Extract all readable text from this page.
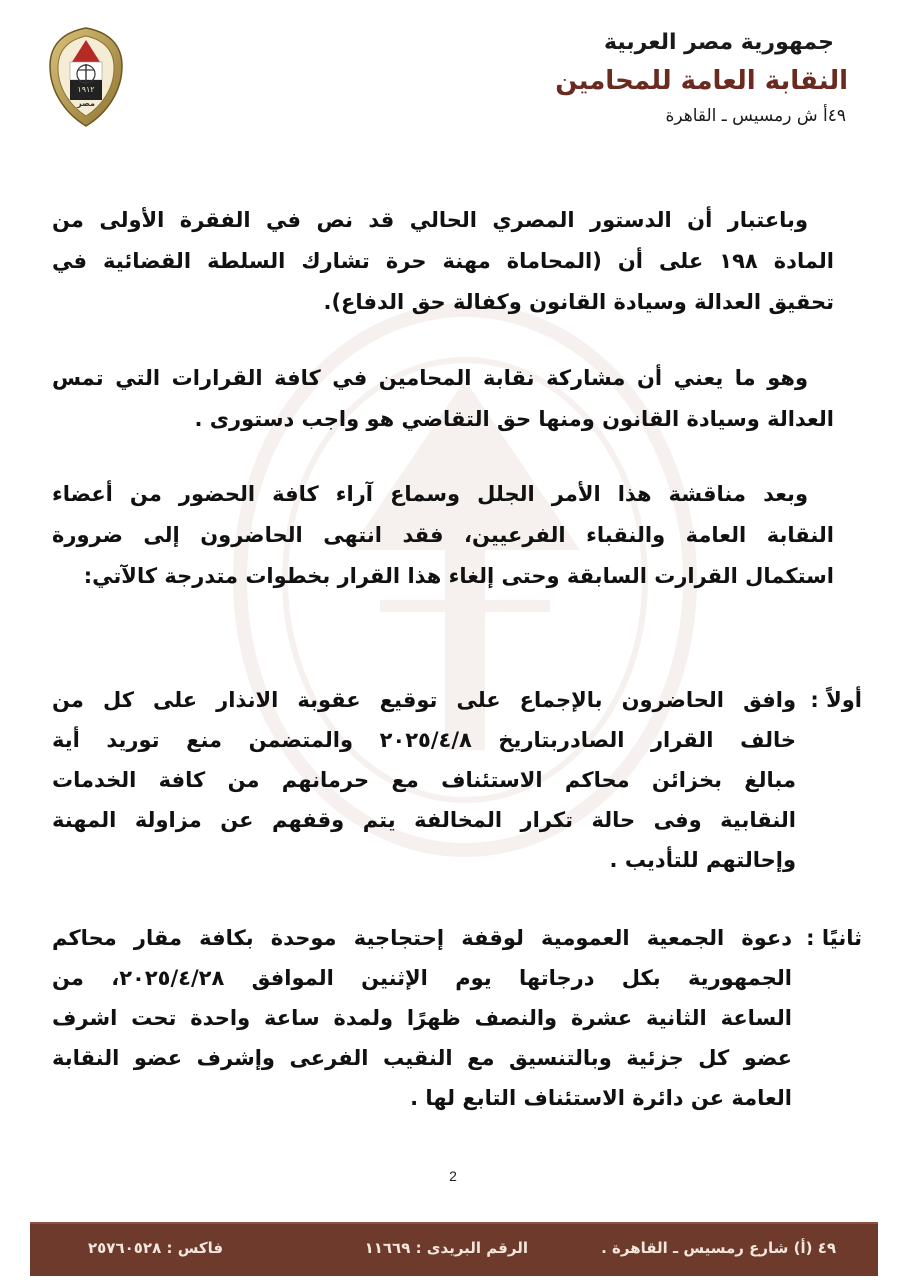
١٩١٢
مصر
جمهورية مصر العربية
النقابة العامة للمحامين
٤٩أ ش رمسيس ـ القاهرة
وباعتبار أن الدستور المصري الحالي قد نص في الفقرة الأولى من
المادة ١٩٨ على أن (المحاماة مهنة حرة تشارك السلطة القضائية في
تحقيق العدالة وسيادة القانون وكفالة حق الدفاع).
وهو ما يعني أن مشاركة نقابة المحامين في كافة القرارات التي تمس
العدالة وسيادة القانون ومنها حق التقاضي هو واجب دستورى .
وبعد مناقشة هذا الأمر الجلل وسماع آراء كافة الحضور من أعضاء
النقابة العامة والنقباء الفرعيين، فقد انتهى الحاضرون إلى ضرورة
استكمال القرارت السابقة وحتى إلغاء هذا القرار بخطوات متدرجة كالآتي:
أولاً :
وافق الحاضرون بالإجماع على توقيع عقوبة الانذار على كل من
خالف القرار الصادربتاريخ ٢٠٢٥/٤/٨ والمتضمن منع توريد أية
مبالغ بخزائن محاكم الاستئناف مع حرمانهم من كافة الخدمات
النقابية وفى حالة تكرار المخالفة يتم وقفهم عن مزاولة المهنة
وإحالتهم للتأديب .
ثانيًا :
دعوة الجمعية العمومية لوقفة إحتجاجية موحدة بكافة مقار محاكم
الجمهورية بكل درجاتها يوم الإثنين الموافق ٢٠٢٥/٤/٢٨، من
الساعة الثانية عشرة والنصف ظهرًا ولمدة ساعة واحدة تحت اشرف
عضو كل جزئية وبالتنسيق مع النقيب الفرعى وإشرف عضو النقابة
العامة عن دائرة الاستئناف التابع لها .
2
٤٩ (أ) شارع رمسيس ـ القاهرة .
الرقم البريدى : ١١٦٦٩
فاكس : ٢٥٧٦٠٥٢٨
